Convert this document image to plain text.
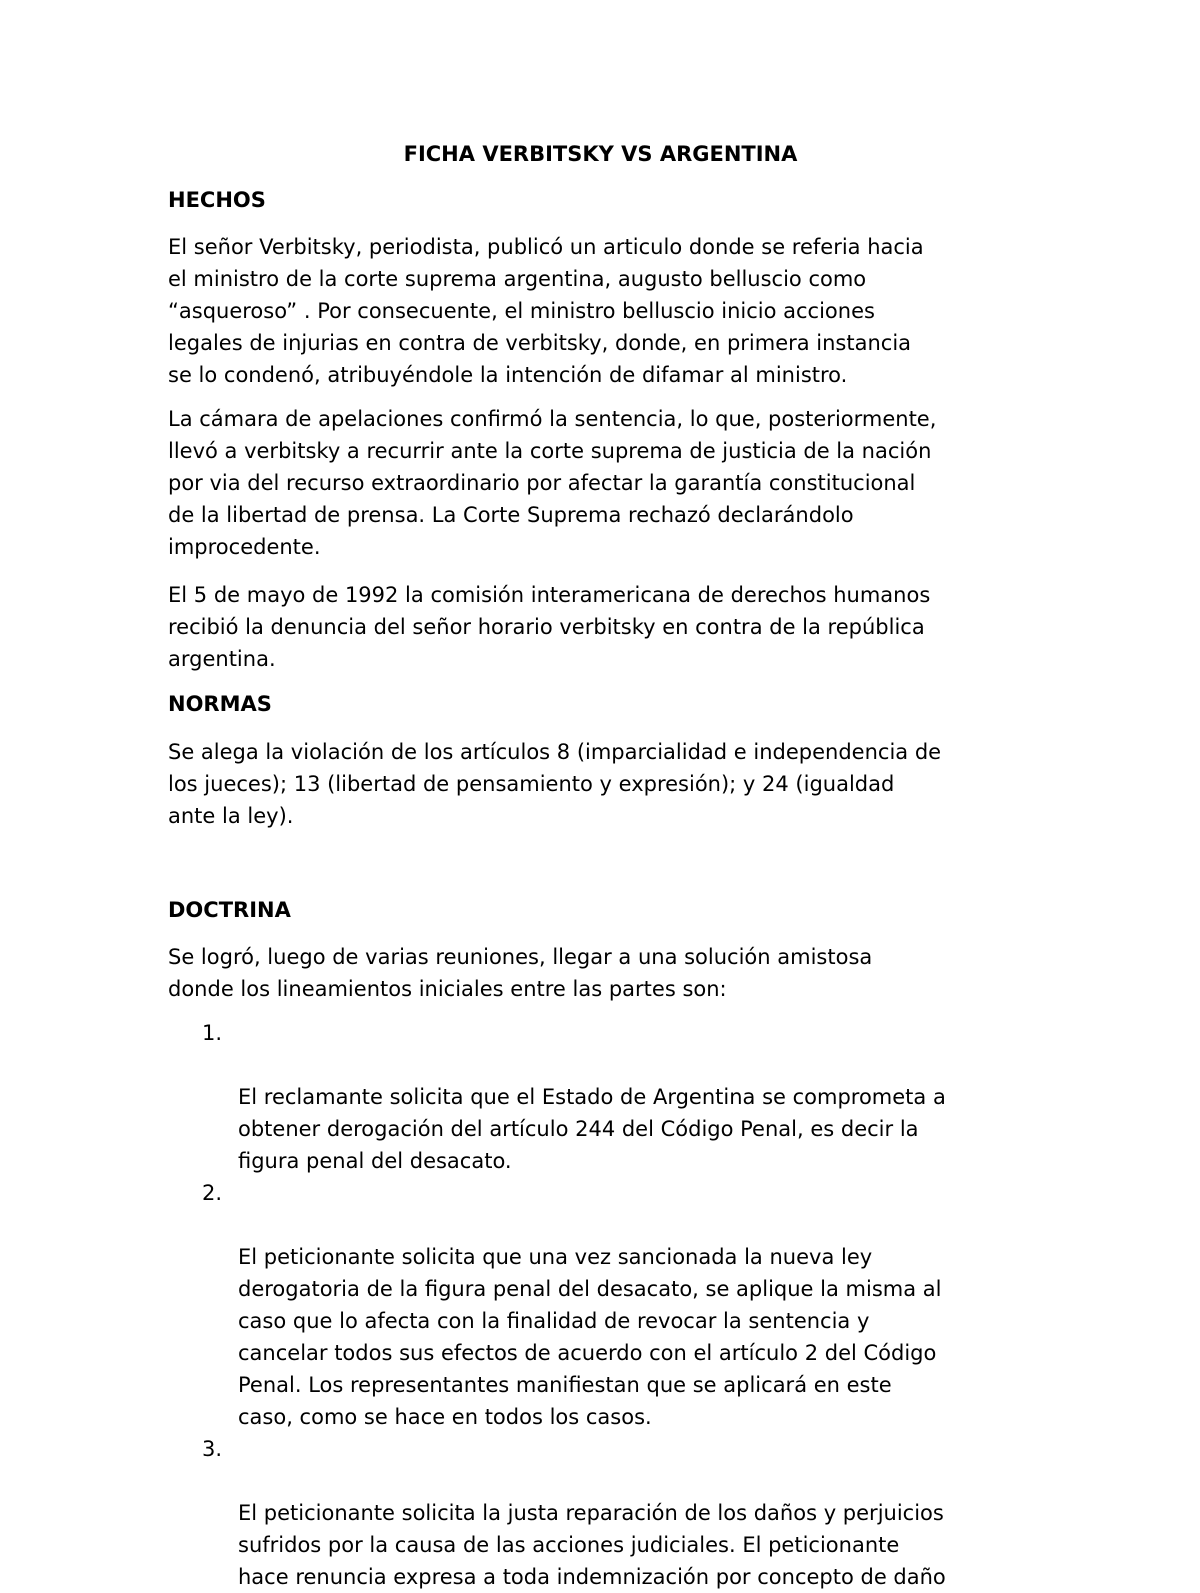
FICHA VERBITSKY VS ARGENTINA
HECHOS

El señor Verbitsky, periodista, publicó un articulo donde se referia hacia
el ministro de la corte suprema argentina, augusto belluscio como
“asqueroso” . Por consecuente, el ministro belluscio inicio acciones
legales de injurias en contra de verbitsky, donde, en primera instancia
se lo condenó, atribuyéndole la intención de difamar al ministro.

La cámara de apelaciones confirmó la sentencia, lo que, posteriormente,
llevó a verbitsky a recurrir ante la corte suprema de justicia de la nación
por via del recurso extraordinario por afectar la garantía constitucional
de la libertad de prensa. La Corte Suprema rechazó declarándolo
improcedente.

El 5 de mayo de 1992 la comisión interamericana de derechos humanos
recibió la denuncia del señor horario verbitsky en contra de la república
argentina.

NORMAS

Se alega la violación de los artículos 8 (imparcialidad e independencia de
los jueces); 13 (libertad de pensamiento y expresión); y 24 (igualdad
ante la ley).

DOCTRINA

Se logró, luego de varias reuniones, llegar a una solución amistosa
donde los lineamientos iniciales entre las partes son:

1.

El reclamante solicita que el Estado de Argentina se comprometa a
obtener derogación del artículo 244 del Código Penal, es decir la
figura penal del desacato.

2.

El peticionante solicita que una vez sancionada la nueva ley
derogatoria de la figura penal del desacato, se aplique la misma al
caso que lo afecta con la finalidad de revocar la sentencia y
cancelar todos sus efectos de acuerdo con el artículo 2 del Código
Penal. Los representantes manifiestan que se aplicará en este
caso, como se hace en todos los casos.

3.

El peticionante solicita la justa reparación de los daños y perjuicios
sufridos por la causa de las acciones judiciales. El peticionante
hace renuncia expresa a toda indemnización por concepto de daño
